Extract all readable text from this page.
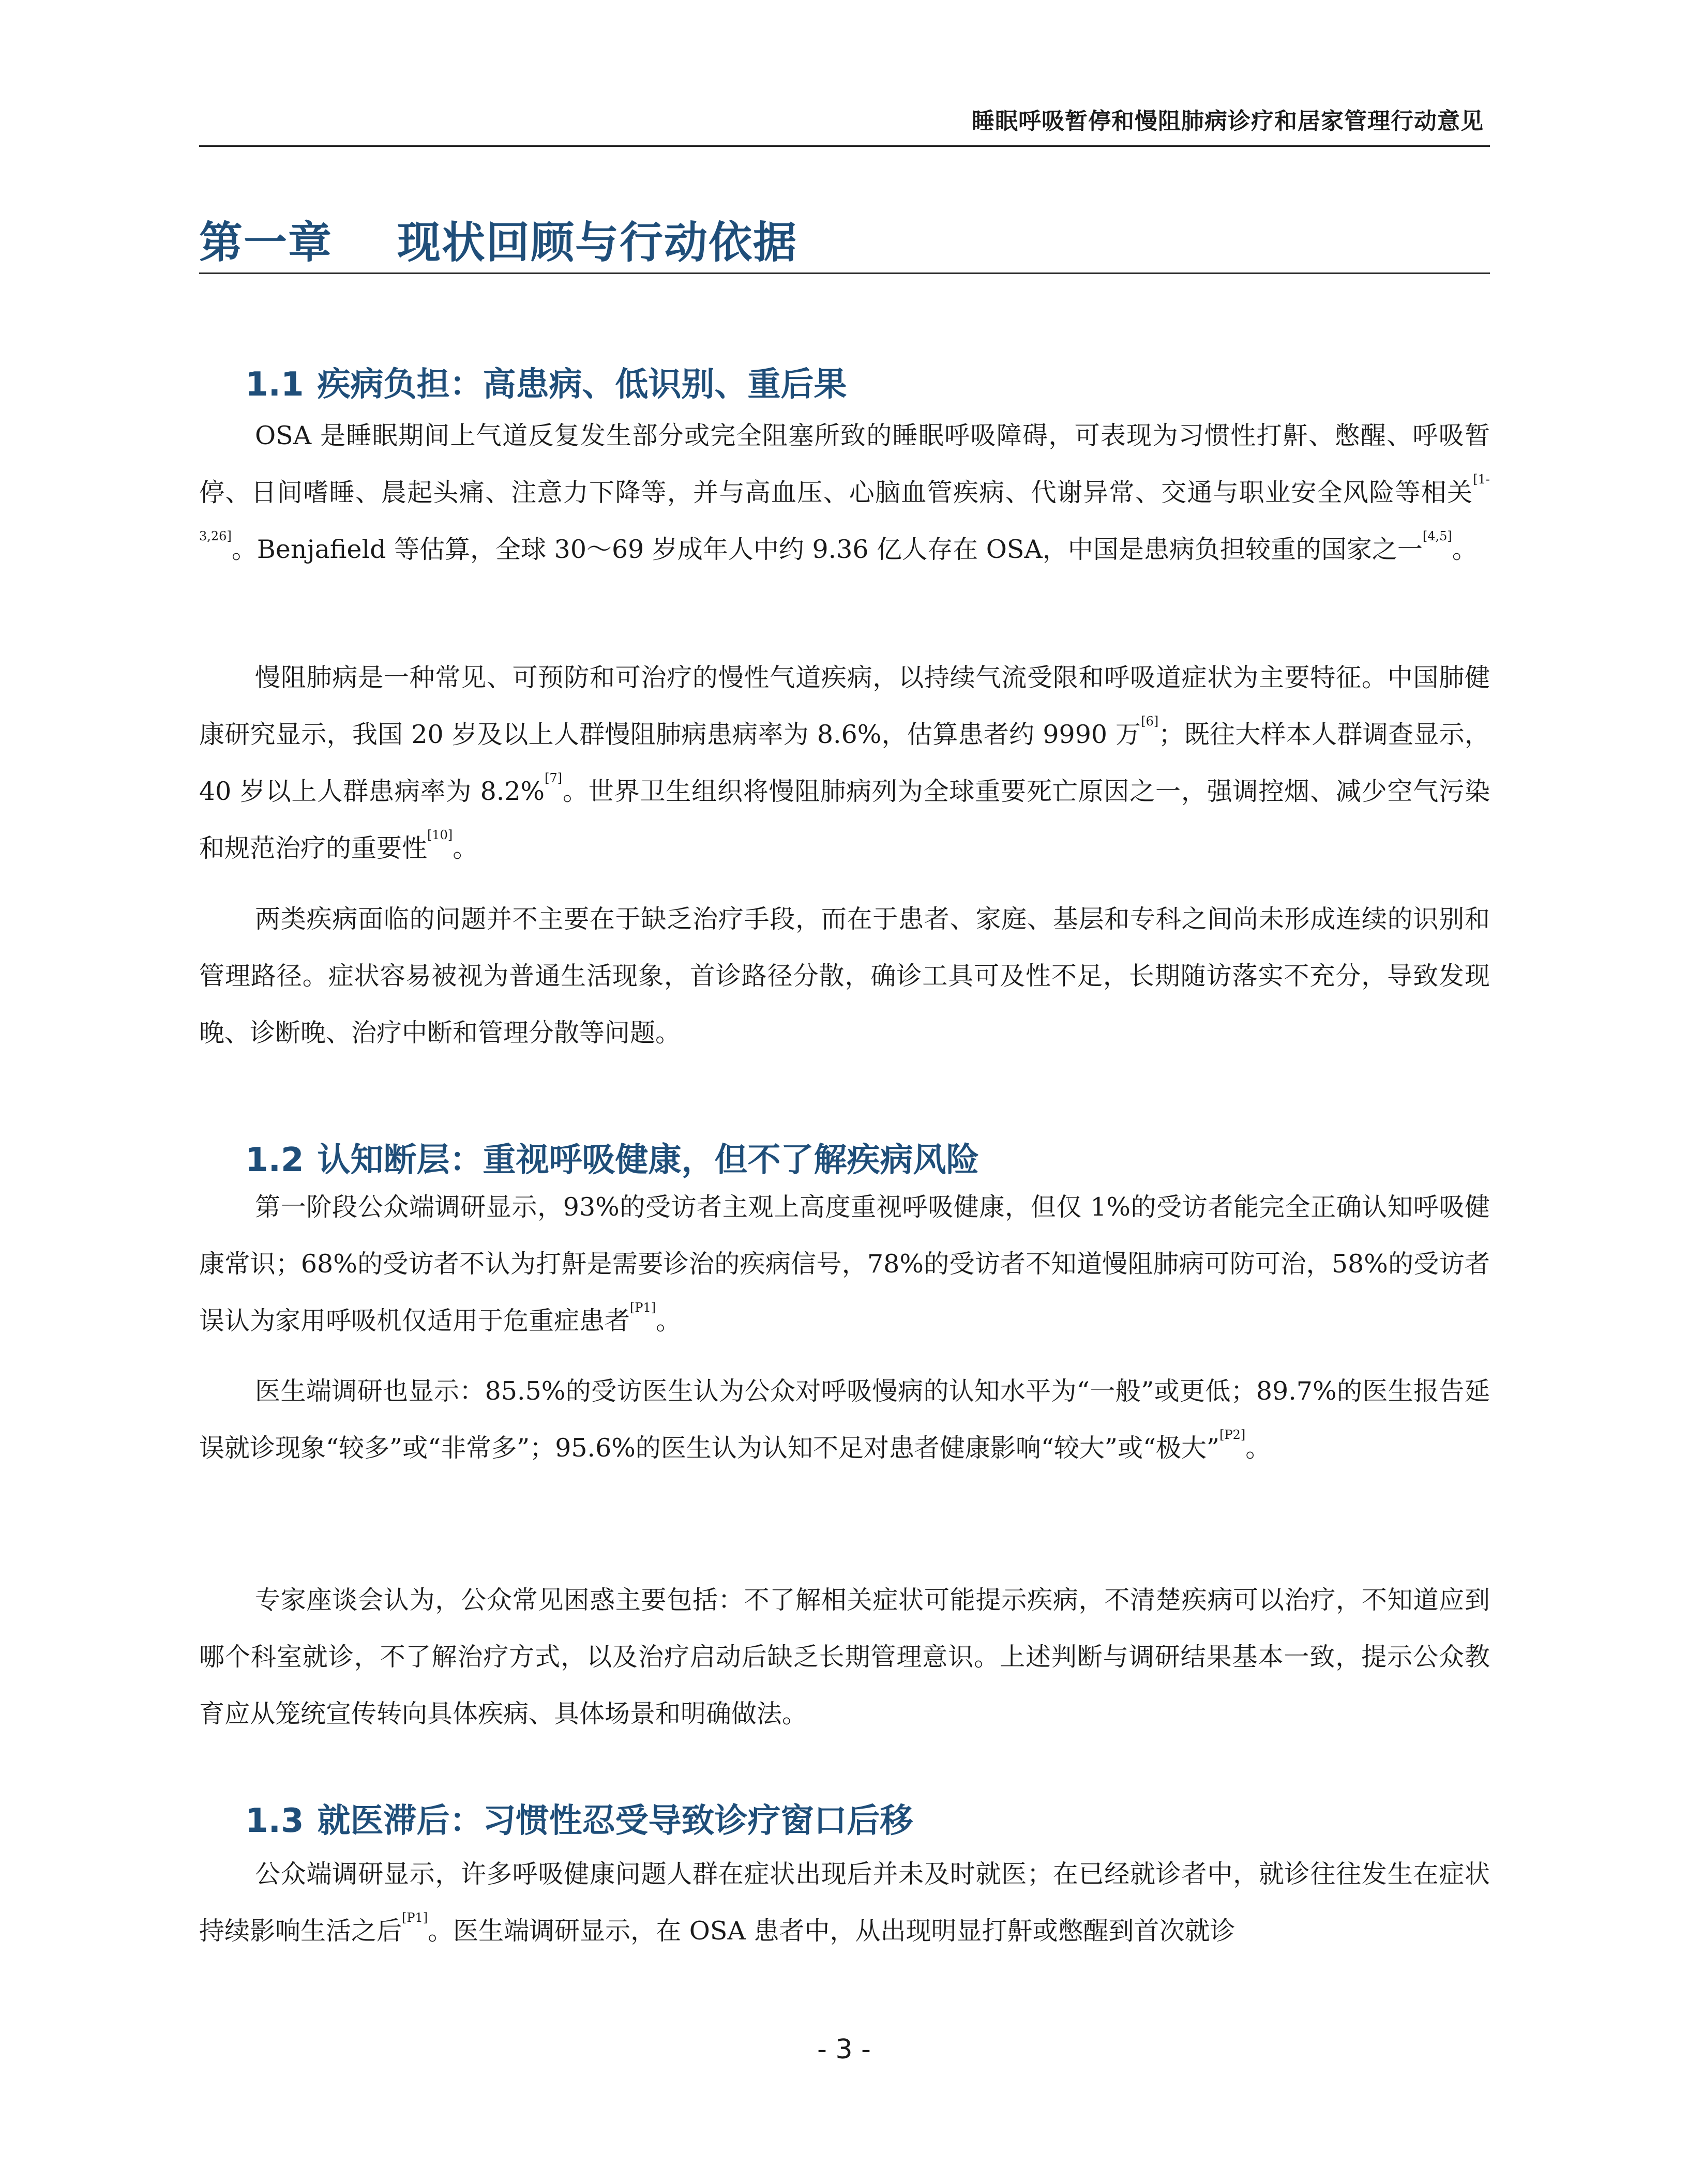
睡眠呼吸暂停和慢阻肺病诊疗和居家管理行动意见
第一章    现状回顾与行动依据

1.1 疾病负担：高患病、低识别、重后果

OSA 是睡眠期间上气道反复发生部分或完全阻塞所致的睡眠呼吸障碍，可表现为习惯性打鼾、憋醒、呼吸暂停、日间嗜睡、晨起头痛、注意力下降等，并与高血压、心脑血管疾病、代谢异常、交通与职业安全风险等相关[1-3,26]。Benjafield 等估算，全球 30～69 岁成年人中约 9.36 亿人存在 OSA，中国是患病负担较重的国家之一[4,5]。

慢阻肺病是一种常见、可预防和可治疗的慢性气道疾病，以持续气流受限和呼吸道症状为主要特征。中国肺健康研究显示，我国 20 岁及以上人群慢阻肺病患病率为 8.6%，估算患者约 9990 万[6]；既往大样本人群调查显示，40 岁以上人群患病率为 8.2%[7]。世界卫生组织将慢阻肺病列为全球重要死亡原因之一，强调控烟、减少空气污染和规范治疗的重要性[10]。

两类疾病面临的问题并不主要在于缺乏治疗手段，而在于患者、家庭、基层和专科之间尚未形成连续的识别和管理路径。症状容易被视为普通生活现象，首诊路径分散，确诊工具可及性不足，长期随访落实不充分，导致发现晚、诊断晚、治疗中断和管理分散等问题。

1.2 认知断层：重视呼吸健康，但不了解疾病风险

第一阶段公众端调研显示，93%的受访者主观上高度重视呼吸健康，但仅 1%的受访者能完全正确认知呼吸健康常识；68%的受访者不认为打鼾是需要诊治的疾病信号，78%的受访者不知道慢阻肺病可防可治，58%的受访者误认为家用呼吸机仅适用于危重症患者[P1]。

医生端调研也显示：85.5%的受访医生认为公众对呼吸慢病的认知水平为“一般”或更低；89.7%的医生报告延误就诊现象“较多”或“非常多”；95.6%的医生认为认知不足对患者健康影响“较大”或“极大”[P2]。

专家座谈会认为，公众常见困惑主要包括：不了解相关症状可能提示疾病，不清楚疾病可以治疗，不知道应到哪个科室就诊，不了解治疗方式，以及治疗启动后缺乏长期管理意识。上述判断与调研结果基本一致，提示公众教育应从笼统宣传转向具体疾病、具体场景和明确做法。

1.3 就医滞后：习惯性忍受导致诊疗窗口后移

公众端调研显示，许多呼吸健康问题人群在症状出现后并未及时就医；在已经就诊者中，就诊往往发生在症状持续影响生活之后[P1]。医生端调研显示，在 OSA 患者中，从出现明显打鼾或憋醒到首次就诊

- 3 -
